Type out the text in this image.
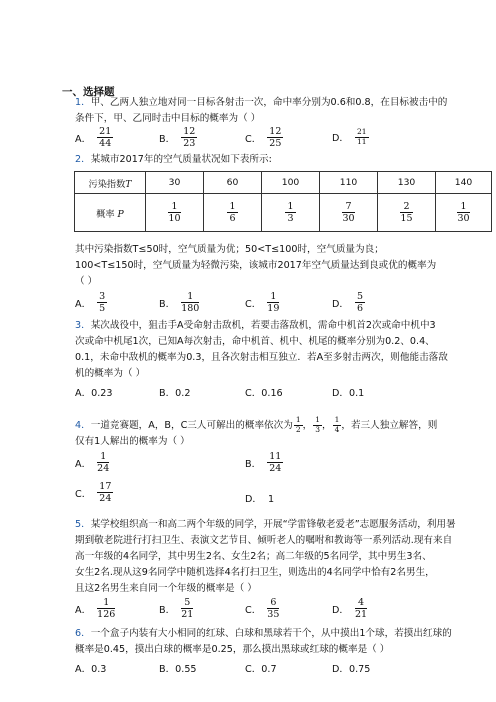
一、选择题
1．甲、乙两人独立地对同一目标各射击一次，命中率分别为0.6和0.8，在目标被击中的
条件下，甲、乙同时击中目标的概率为（ ）
A． $\frac{21}{44}$	B． $\frac{12}{23}$	C． $\frac{12}{25}$	D． $\frac{21}{11}$
2．某城市2017年的空气质量状况如下表所示:
污染指数T	30	60	100	110	130	140
概率 P	$\frac{1}{10}$	$\frac{1}{6}$	$\frac{1}{3}$	$\frac{7}{30}$	$\frac{2}{15}$	$\frac{1}{30}$
其中污染指数T≤50时，空气质量为优；50<T≤100时，空气质量为良；
100<T≤150时，空气质量为轻微污染，该城市2017年空气质量达到良或优的概率为
（ ）
A． $\frac{3}{5}$	B． $\frac{1}{180}$	C． $\frac{1}{19}$	D． $\frac{5}{6}$
3．某次战役中，狙击手A受命射击敌机，若要击落敌机，需命中机首2次或命中机中3
次或命中机尾1次，已知A每次射击，命中机首、机中、机尾的概率分别为0.2、0.4、
0.1，未命中敌机的概率为0.3，且各次射击相互独立．若A至多射击两次，则他能击落敌
机的概率为（ ）
A．0.23	B．0.2	C．0.16	D．0.1
4．一道竞赛题，A，B，C三人可解出的概率依次为 $\frac{1}{2}$ ， $\frac{1}{3}$ ， $\frac{1}{4}$ ，若三人独立解答，则
仅有1人解出的概率为（ ）
A． $\frac{1}{24}$	B． $\frac{11}{24}$
C． $\frac{17}{24}$	D． 1
5．某学校组织高一和高二两个年级的同学，开展“学雷锋敬老爱老”志愿服务活动，利用暑
期到敬老院进行打扫卫生、表演文艺节目、倾听老人的嘱咐和教诲等一系列活动.现有来自
高一年级的4名同学，其中男生2名、女生2名；高二年级的5名同学，其中男生3名、
女生2名.现从这9名同学中随机选择4名打扫卫生，则选出的4名同学中恰有2名男生，
且这2名男生来自同一个年级的概率是（ ）
A． $\frac{1}{126}$	B． $\frac{5}{21}$	C． $\frac{6}{35}$	D． $\frac{4}{21}$
6．一个盒子内装有大小相同的红球、白球和黑球若干个，从中摸出1个球，若摸出红球的
概率是0.45，摸出白球的概率是0.25，那么摸出黑球或红球的概率是（ ）
A．0.3	B．0.55	C．0.7	D．0.75
